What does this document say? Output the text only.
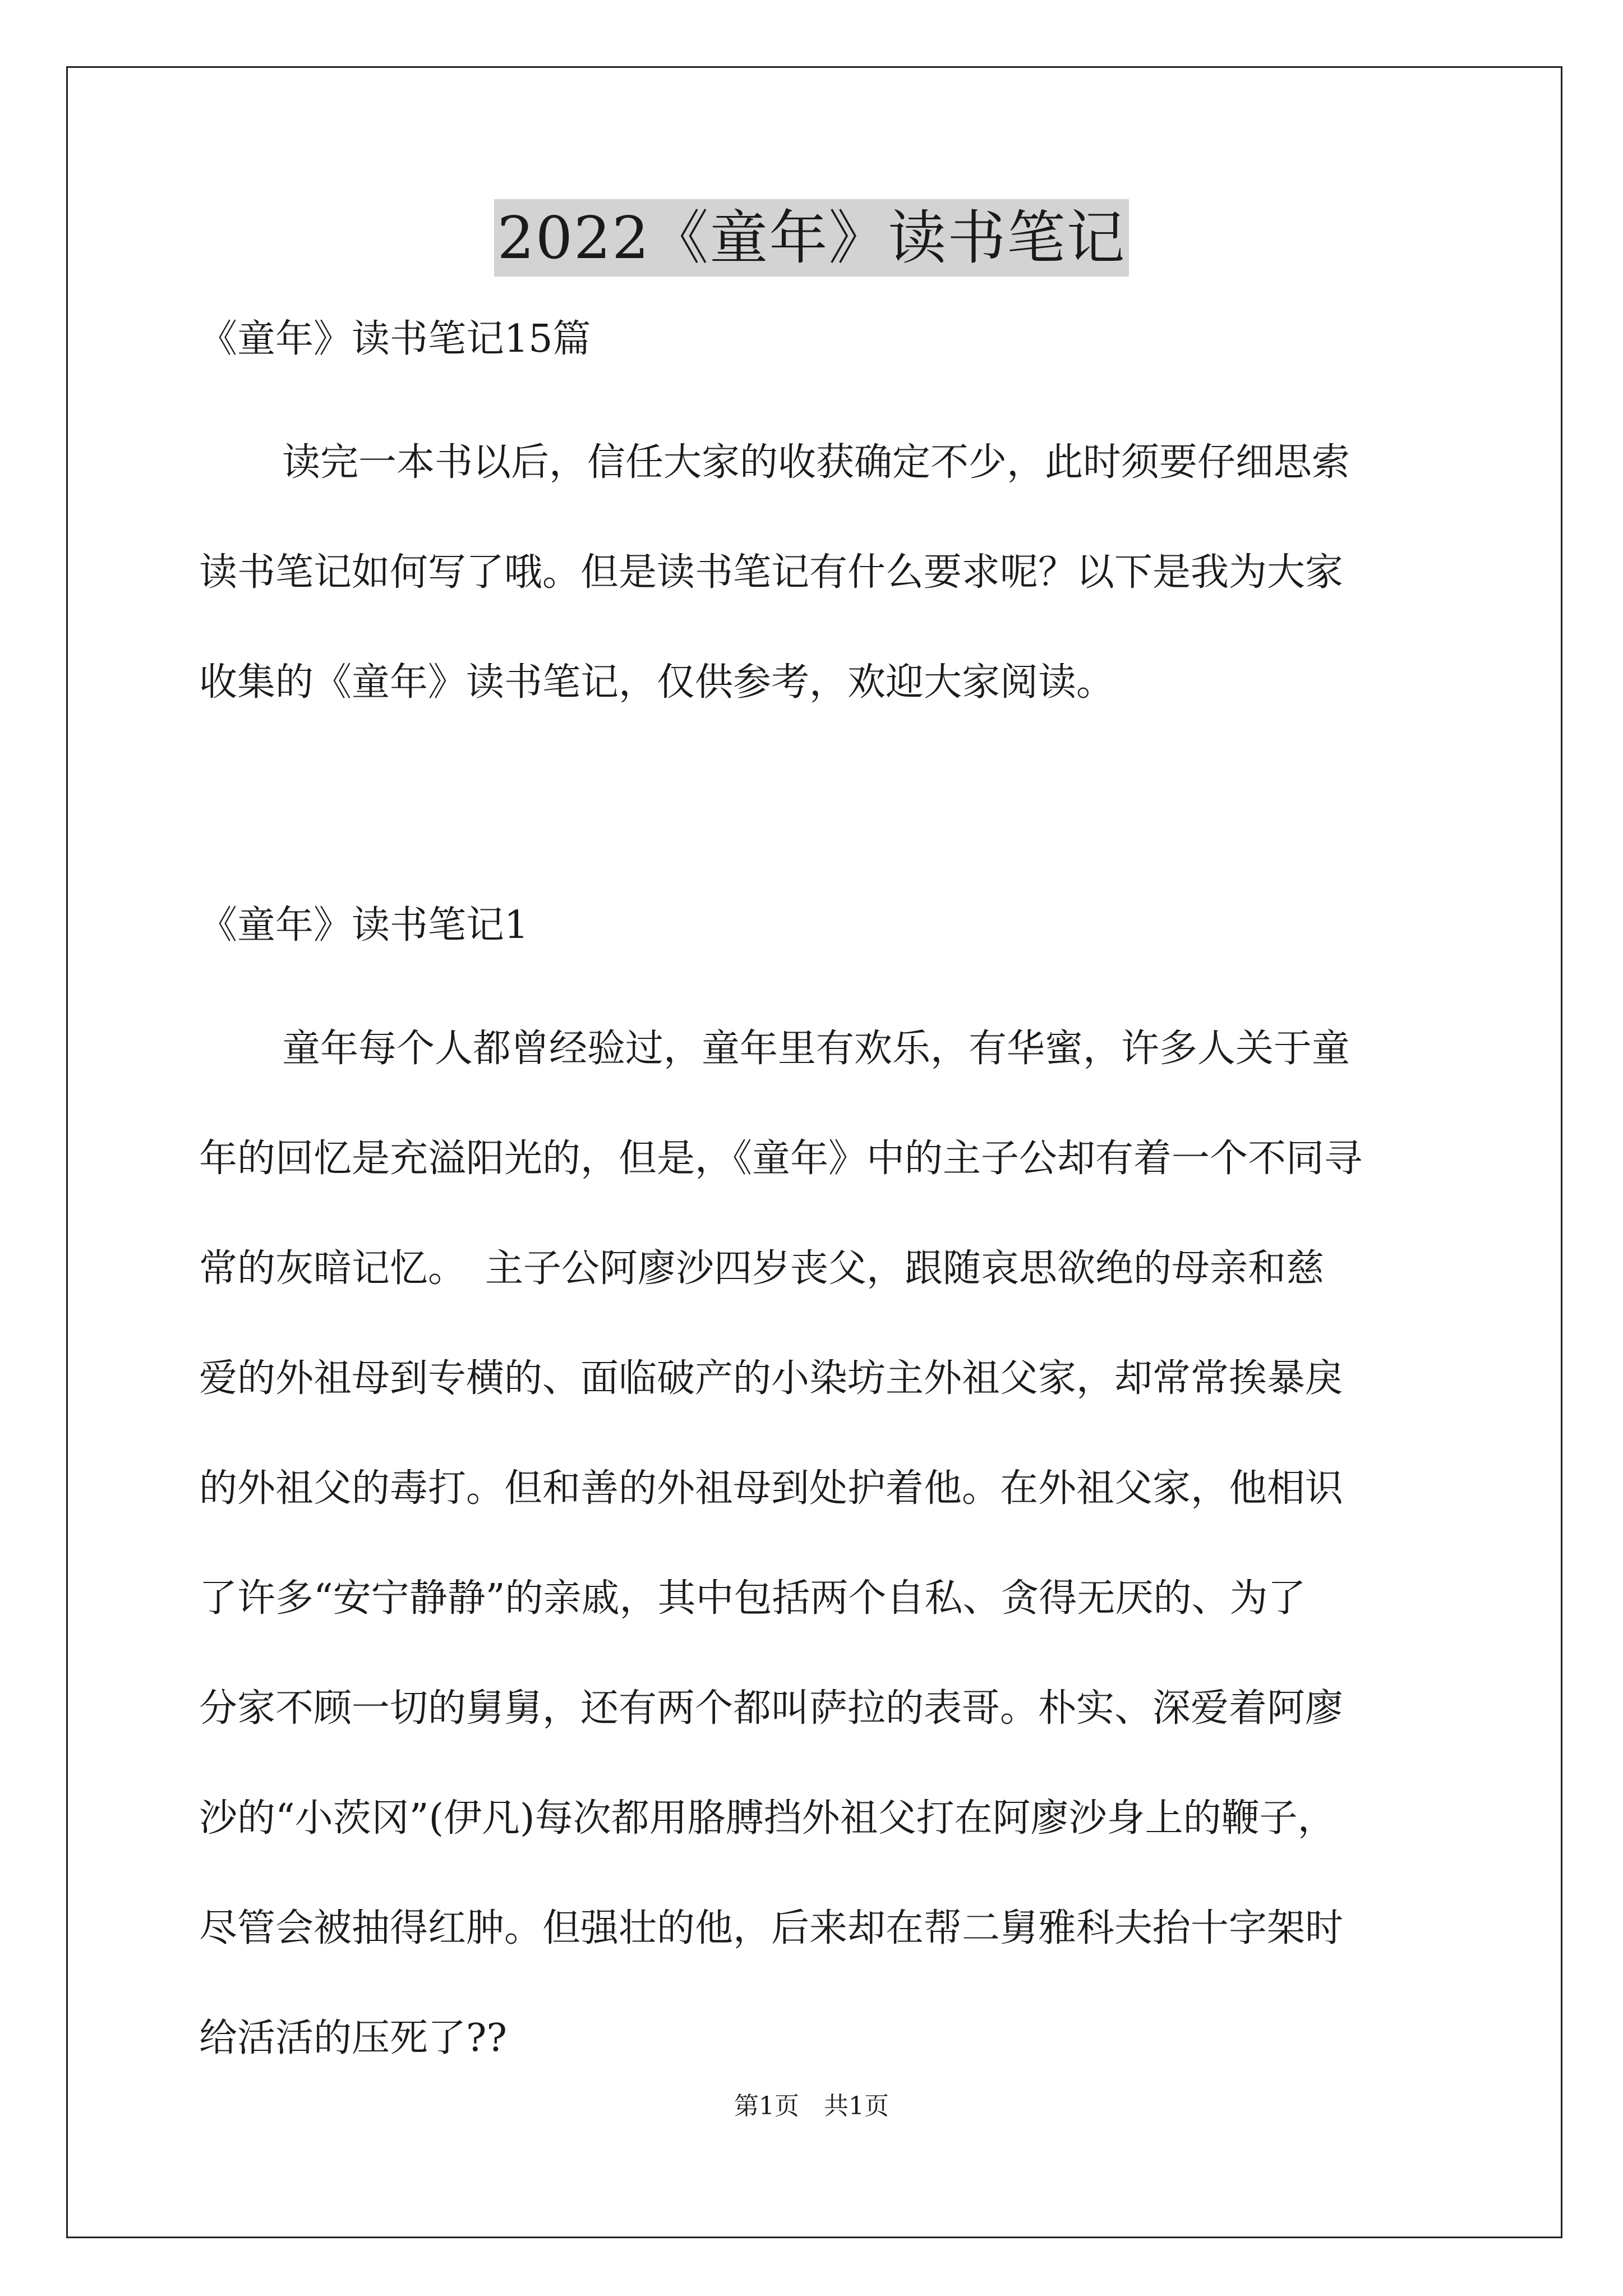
2022《童年》读书笔记
《童年》读书笔记15篇
读完一本书以后，信任大家的收获确定不少，此时须要仔细思索
读书笔记如何写了哦。但是读书笔记有什么要求呢？以下是我为大家
收集的《童年》读书笔记，仅供参考，欢迎大家阅读。
《童年》读书笔记1
童年每个人都曾经验过，童年里有欢乐，有华蜜，许多人关于童
年的回忆是充溢阳光的，但是，《童年》中的主子公却有着一个不同寻
常的灰暗记忆。　主子公阿廖沙四岁丧父，跟随哀思欲绝的母亲和慈
爱的外祖母到专横的、面临破产的小染坊主外祖父家，却常常挨暴戾
的外祖父的毒打。但和善的外祖母到处护着他。在外祖父家，他相识
了许多“安宁静静”的亲戚，其中包括两个自私、贪得无厌的、为了
分家不顾一切的舅舅，还有两个都叫萨拉的表哥。朴实、深爱着阿廖
沙的“小茨冈”(伊凡)每次都用胳膊挡外祖父打在阿廖沙身上的鞭子，
尽管会被抽得红肿。但强壮的他，后来却在帮二舅雅科夫抬十字架时
给活活的压死了??
第1页　共1页
